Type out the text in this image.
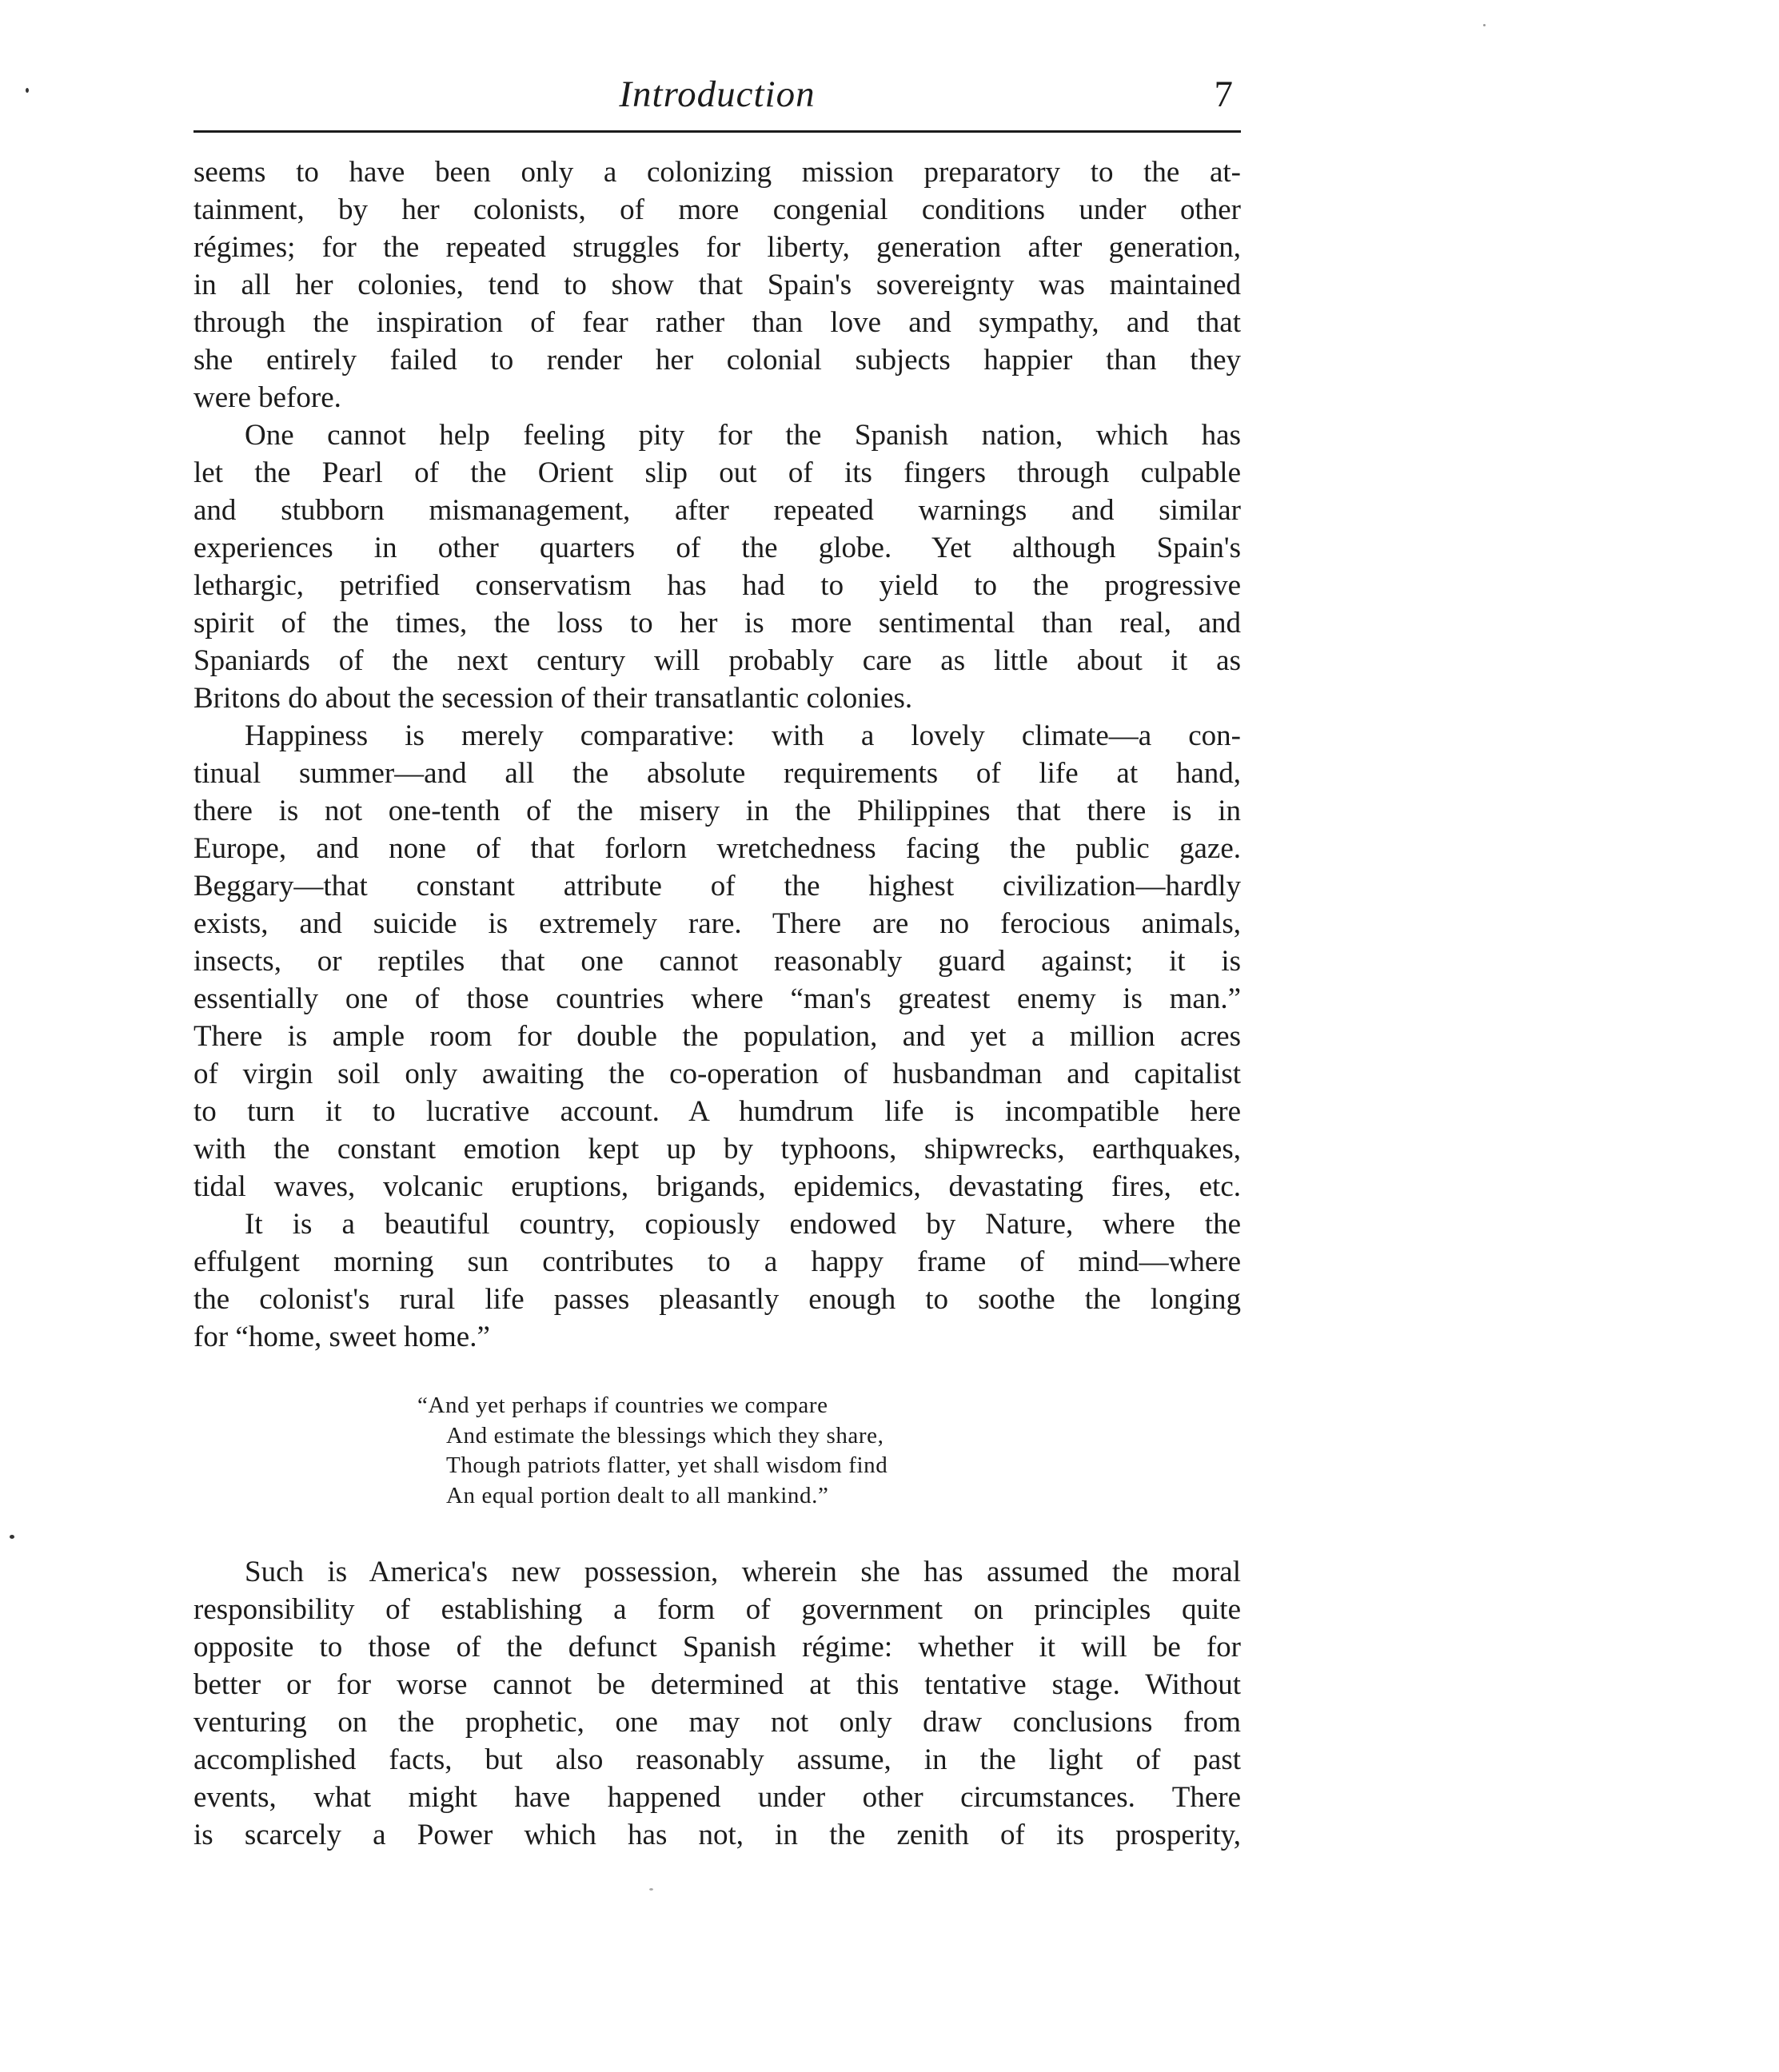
Introduction	7
seems to have been only a colonizing mission preparatory to the at-
tainment, by her colonists, of more congenial conditions under other
régimes; for the repeated struggles for liberty, generation after generation,
in all her colonies, tend to show that Spain's sovereignty was maintained
through the inspiration of fear rather than love and sympathy, and that
she entirely failed to render her colonial subjects happier than they
were before.
One cannot help feeling pity for the Spanish nation, which has
let the Pearl of the Orient slip out of its fingers through culpable
and stubborn mismanagement, after repeated warnings and similar
experiences in other quarters of the globe. Yet although Spain's
lethargic, petrified conservatism has had to yield to the progressive
spirit of the times, the loss to her is more sentimental than real, and
Spaniards of the next century will probably care as little about it as
Britons do about the secession of their transatlantic colonies.
Happiness is merely comparative: with a lovely climate—a con-
tinual summer—and all the absolute requirements of life at hand,
there is not one-tenth of the misery in the Philippines that there is in
Europe, and none of that forlorn wretchedness facing the public gaze.
Beggary—that constant attribute of the highest civilization—hardly
exists, and suicide is extremely rare. There are no ferocious animals,
insects, or reptiles that one cannot reasonably guard against; it is
essentially one of those countries where “man's greatest enemy is man.”
There is ample room for double the population, and yet a million acres
of virgin soil only awaiting the co-operation of husbandman and capitalist
to turn it to lucrative account. A humdrum life is incompatible here
with the constant emotion kept up by typhoons, shipwrecks, earthquakes,
tidal waves, volcanic eruptions, brigands, epidemics, devastating fires, etc.
It is a beautiful country, copiously endowed by Nature, where the
effulgent morning sun contributes to a happy frame of mind—where
the colonist's rural life passes pleasantly enough to soothe the longing
for “home, sweet home.”
“And yet perhaps if countries we compare
And estimate the blessings which they share,
Though patriots flatter, yet shall wisdom find
An equal portion dealt to all mankind.”
Such is America's new possession, wherein she has assumed the moral
responsibility of establishing a form of government on principles quite
opposite to those of the defunct Spanish régime: whether it will be for
better or for worse cannot be determined at this tentative stage. Without
venturing on the prophetic, one may not only draw conclusions from
accomplished facts, but also reasonably assume, in the light of past
events, what might have happened under other circumstances. There
is scarcely a Power which has not, in the zenith of its prosperity,
